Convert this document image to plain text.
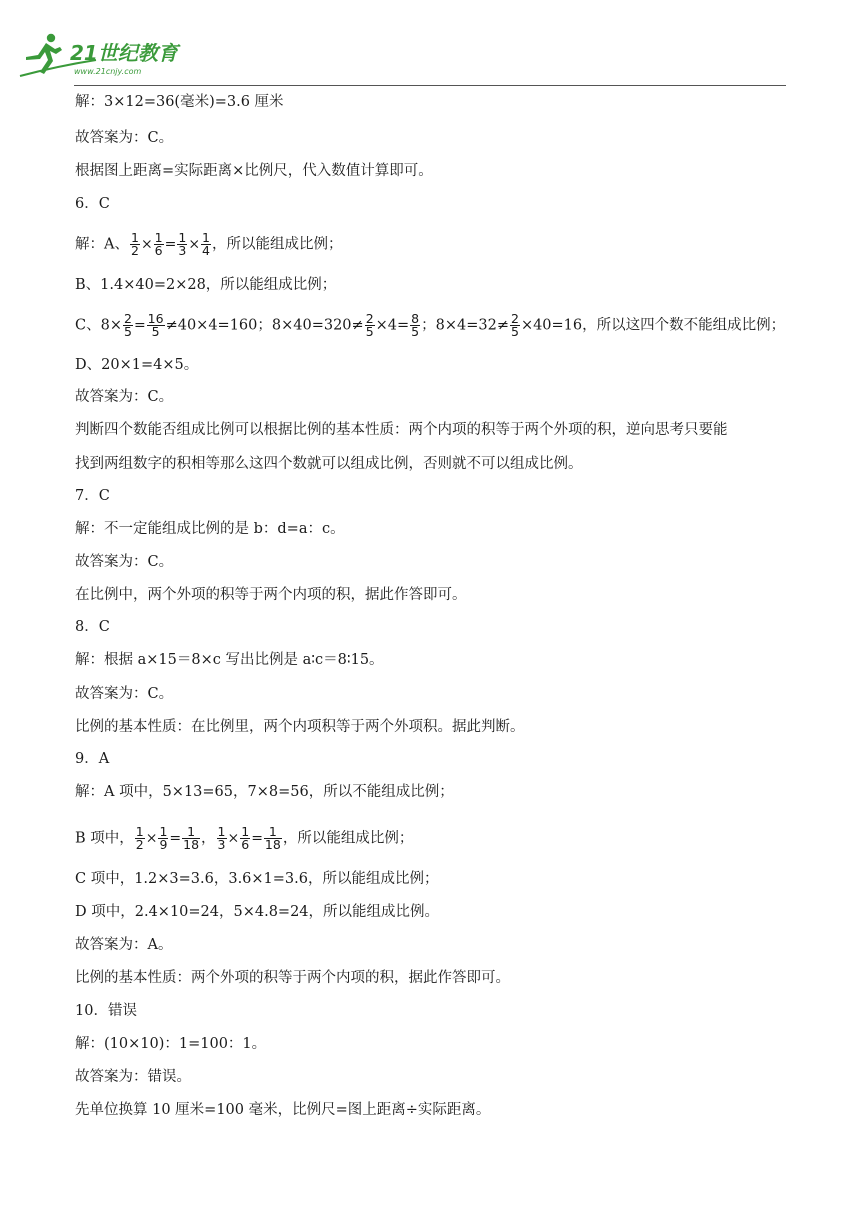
21世纪教育
www.21cnjy.com
解：3×12=36(毫米)=3.6 厘米
故答案为：C。
根据图上距离=实际距离×比例尺，代入数值计算即可。
6．C
解：A、 $\frac{1}{2} \times \frac{1}{6} = \frac{1}{3} \times \frac{1}{4}$ ，所以能组成比例；
B、1.4×40=2×28，所以能组成比例；
C、$8\times \frac{2}{5} = \frac{16}{5} \ne 40\times 4=160$；$8\times 40=320\ne \frac{2}{5} \times 4= \frac{8}{5}$ ；$8\times 4=32\ne \frac{2}{5} \times 40=16$，所以这四个数不能组成比例；
D、20×1=4×5。
故答案为：C。
判断四个数能否组成比例可以根据比例的基本性质：两个内项的积等于两个外项的积，逆向思考只要能
找到两组数字的积相等那么这四个数就可以组成比例，否则就不可以组成比例。
7．C
解：不一定能组成比例的是 b：d=a：c。
故答案为：C。
在比例中，两个外项的积等于两个内项的积，据此作答即可。
8．C
解：根据 a×15＝8×c 写出比例是 a∶c＝8∶15。
故答案为：C。
比例的基本性质：在比例里，两个内项积等于两个外项积。据此判断。
9．A
解：A 项中，5×13=65，7×8=56，所以不能组成比例；
B 项中， $\frac{1}{2} \times \frac{1}{9} = \frac{1}{18}$ ， $\frac{1}{3} \times \frac{1}{6} = \frac{1}{18}$ ，所以能组成比例；
C 项中，1.2×3=3.6，3.6×1=3.6，所以能组成比例；
D 项中，2.4×10=24，5×4.8=24，所以能组成比例。
故答案为：A。
比例的基本性质：两个外项的积等于两个内项的积，据此作答即可。
10．错误
解：(10×10)：1=100：1。
故答案为：错误。
先单位换算 10 厘米=100 毫米，比例尺=图上距离÷实际距离。
